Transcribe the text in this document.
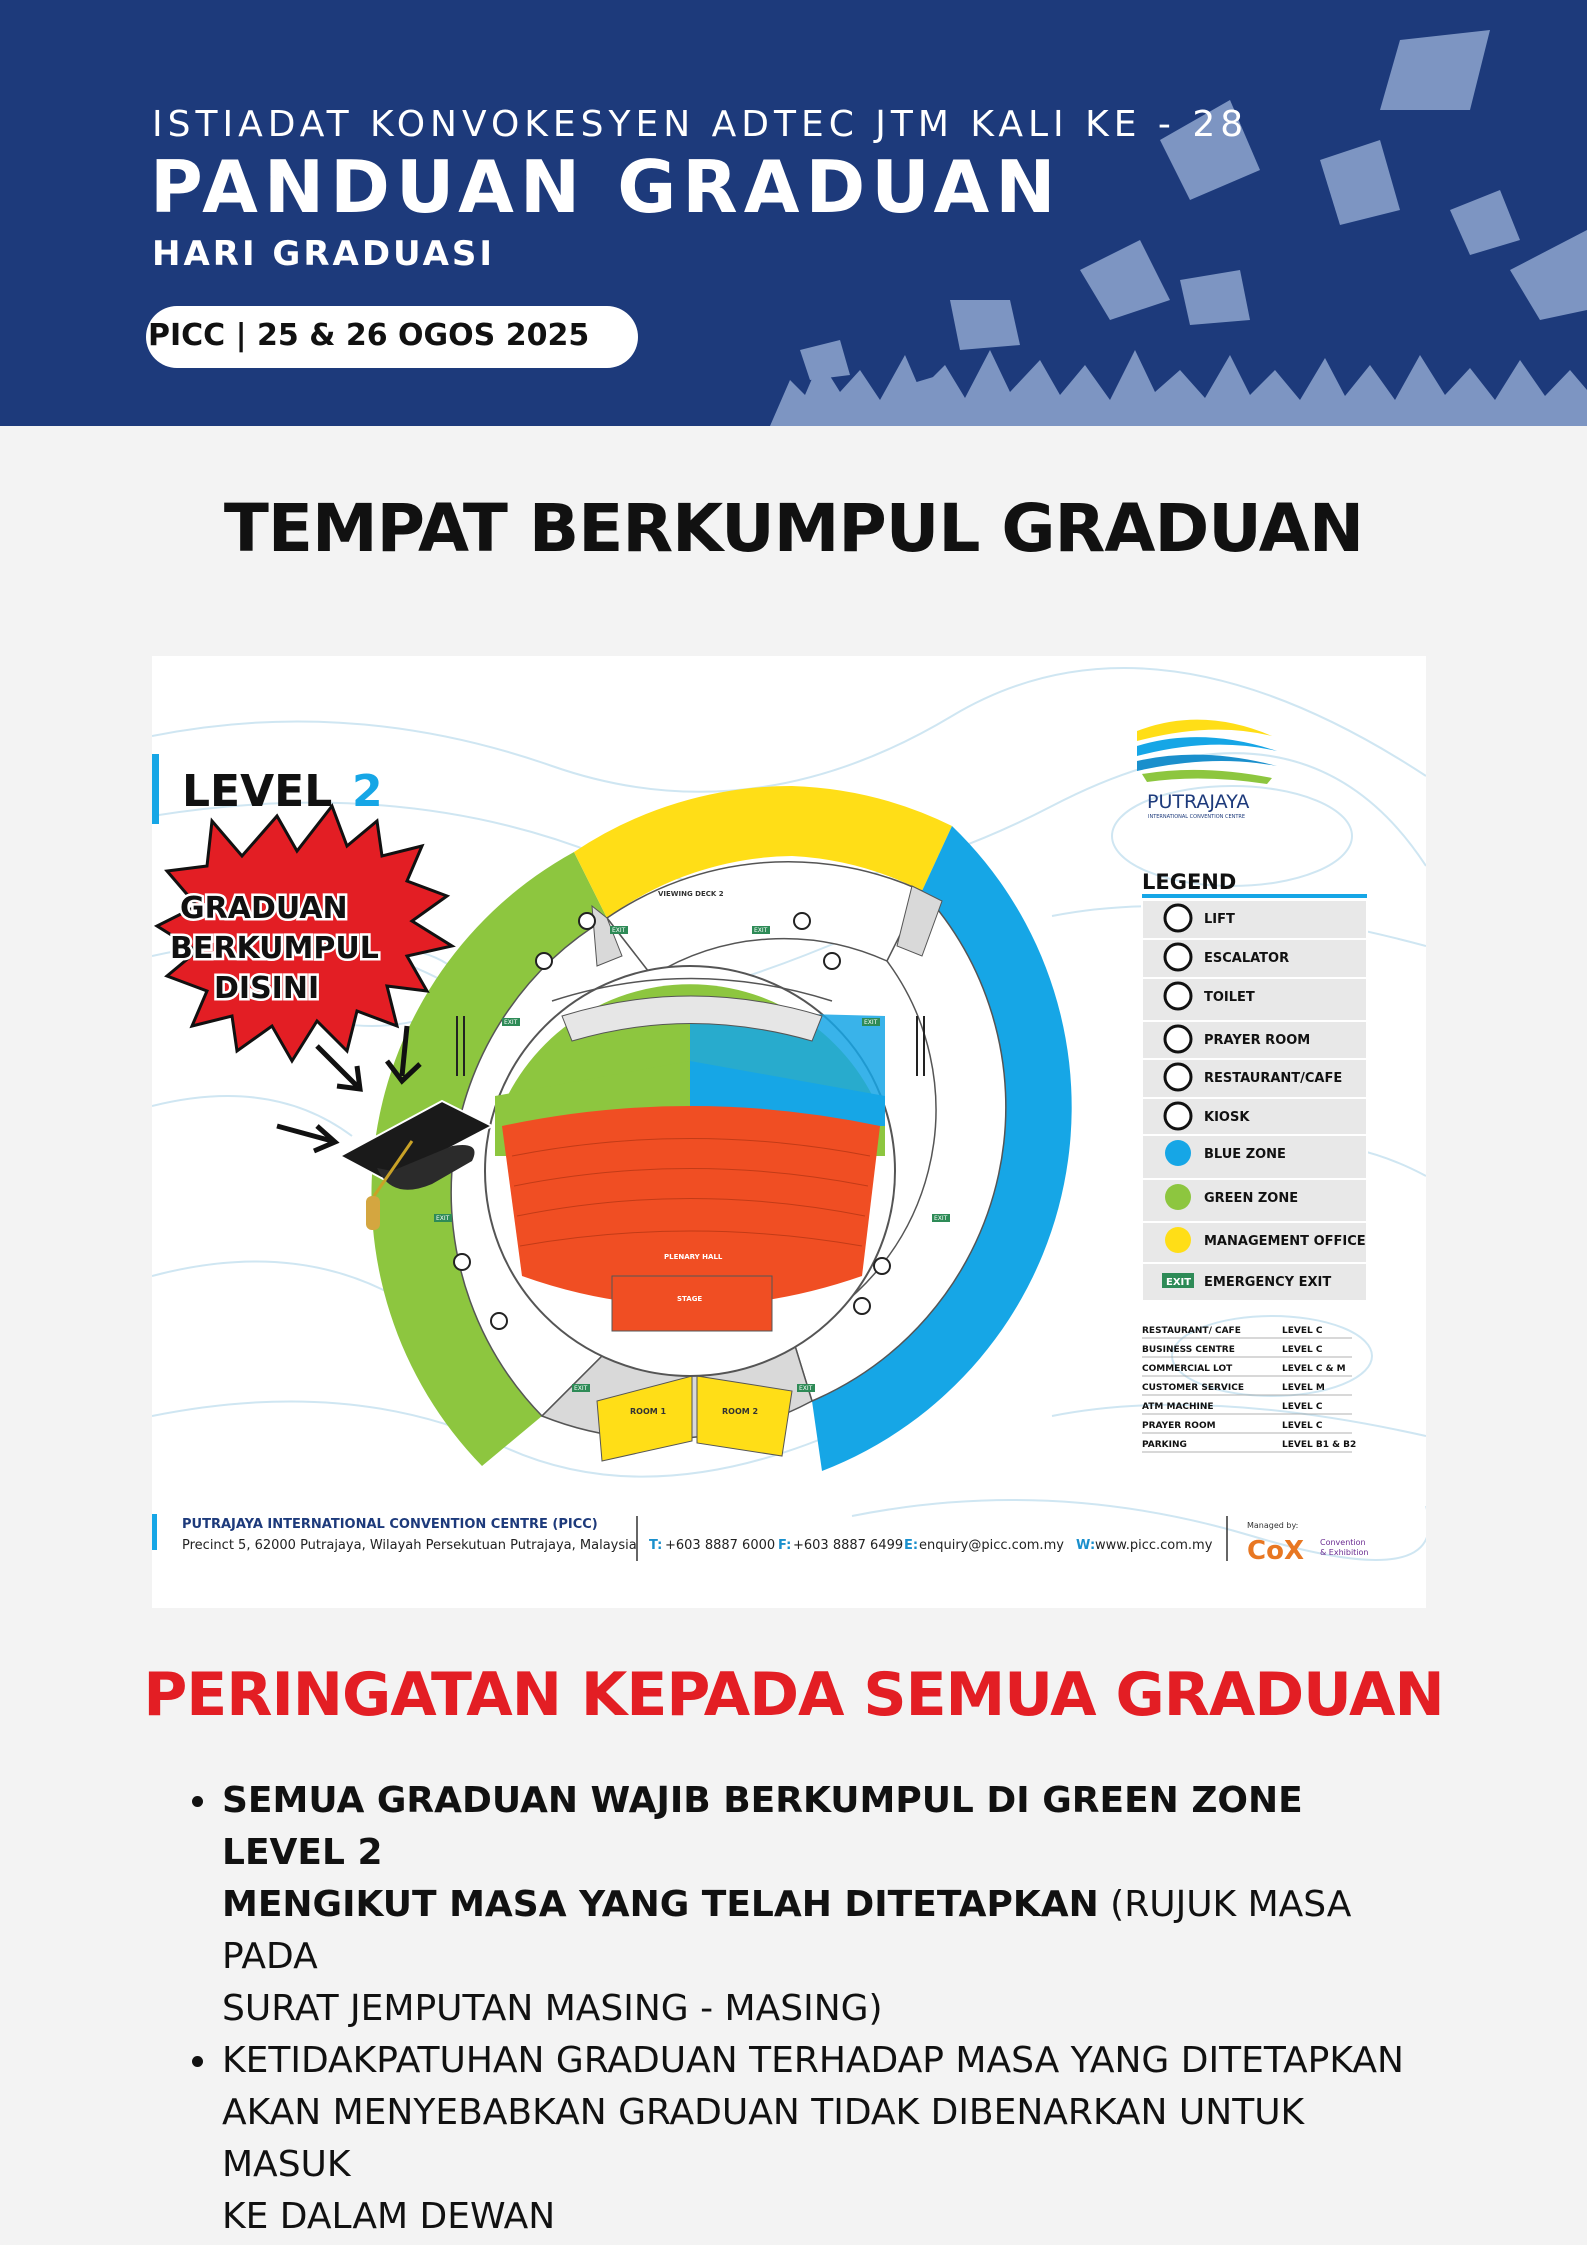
ISTIADAT KONVOKESYEN ADTEC JTM KALI KE - 28
PANDUAN GRADUAN
HARI GRADUASI
PICC | 25 & 26 OGOS 2025
TEMPAT BERKUMPUL GRADUAN
LEVEL 2	PUTRAJAYA
INTERNATIONAL CONVENTION CENTRE
ROOM 1	ROOM 2
PLENARY HALL
STAGE
VIEWING DECK 2
GRADUAN
BERKUMPUL
DISINI
LEGEND
LIFT
ESCALATOR
TOILET
PRAYER ROOM
RESTAURANT/CAFE
KIOSK
BLUE ZONE
GREEN ZONE
MANAGEMENT OFFICE
EXIT EMERGENCY EXIT
RESTAURANT/ CAFE	LEVEL C
BUSINESS CENTRE	LEVEL C
COMMERCIAL LOT	LEVEL C & M
CUSTOMER SERVICE	LEVEL M
ATM MACHINE	LEVEL C
PRAYER ROOM	LEVEL C
PARKING	LEVEL B1 & B2
PUTRAJAYA INTERNATIONAL CONVENTION CENTRE (PICC)
Precinct 5, 62000 Putrajaya, Wilayah Persekutuan Putrajaya, Malaysia T: +603 8887 6000 F: +603 8887 6499 E: enquiry@picc.com.my W: www.picc.com.my
Managed by:
CoX Convention
& Exhibition
EXIT	EXIT
EXIT	EXIT
EXIT	EXIT
EXIT	EXIT
PERINGATAN KEPADA SEMUA GRADUAN
SEMUA GRADUAN WAJIB BERKUMPUL DI GREEN ZONE LEVEL 2
MENGIKUT MASA YANG TELAH DITETAPKAN (RUJUK MASA PADA
SURAT JEMPUTAN MASING - MASING)
KETIDAKPATUHAN GRADUAN TERHADAP MASA YANG DITETAPKAN
AKAN MENYEBABKAN GRADUAN TIDAK DIBENARKAN UNTUK MASUK
KE DALAM DEWAN
